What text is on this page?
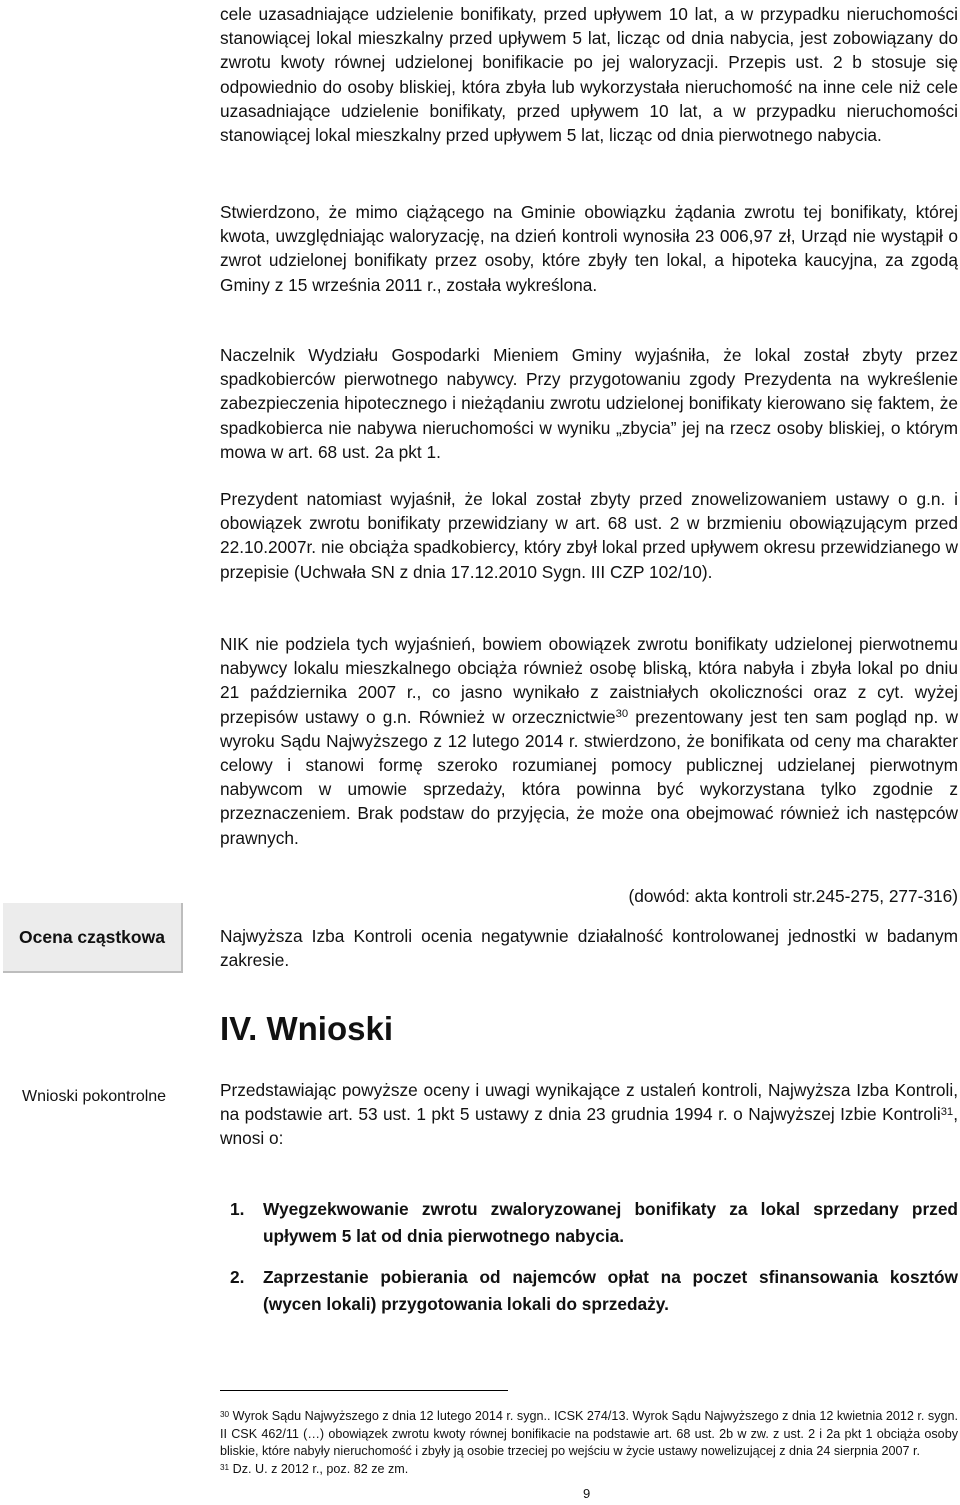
cele uzasadniające udzielenie bonifikaty, przed upływem 10 lat, a w przypadku nieruchomości stanowiącej lokal mieszkalny przed upływem 5 lat, licząc od dnia nabycia, jest zobowiązany do zwrotu kwoty równej udzielonej bonifikacie po jej waloryzacji. Przepis ust. 2 b stosuje się odpowiednio do osoby bliskiej, która zbyła lub wykorzystała nieruchomość na inne cele niż cele uzasadniające udzielenie bonifikaty, przed upływem 10 lat, a w przypadku nieruchomości stanowiącej lokal mieszkalny przed upływem 5 lat, licząc od dnia pierwotnego nabycia.

Stwierdzono, że mimo ciążącego na Gminie obowiązku żądania zwrotu tej bonifikaty, której kwota, uwzględniając waloryzację, na dzień kontroli wynosiła 23 006,97 zł, Urząd nie wystąpił o zwrot udzielonej bonifikaty przez osoby, które zbyły ten lokal, a hipoteka kaucyjna, za zgodą Gminy z 15 września 2011 r., została wykreślona.

Naczelnik Wydziału Gospodarki Mieniem Gminy wyjaśniła, że lokal został zbyty przez spadkobierców pierwotnego nabywcy. Przy przygotowaniu zgody Prezydenta na wykreślenie zabezpieczenia hipotecznego i nieżądaniu zwrotu udzielonej bonifikaty kierowano się faktem, że spadkobierca nie nabywa nieruchomości w wyniku „zbycia” jej na rzecz osoby bliskiej, o którym mowa w art. 68 ust. 2a pkt 1.

Prezydent natomiast wyjaśnił, że lokal został zbyty przed znowelizowaniem ustawy o g.n. i obowiązek zwrotu bonifikaty przewidziany w art. 68 ust. 2 w brzmieniu obowiązującym przed 22.10.2007r. nie obciąża spadkobiercy, który zbył lokal przed upływem okresu przewidzianego w przepisie (Uchwała SN z dnia 17.12.2010 Sygn. III CZP 102/10).

NIK nie podziela tych wyjaśnień, bowiem obowiązek zwrotu bonifikaty udzielonej pierwotnemu nabywcy lokalu mieszkalnego obciąża również osobę bliską, która nabyła i zbyła lokal po dniu 21 października 2007 r., co jasno wynikało z zaistniałych okoliczności oraz z cyt. wyżej przepisów ustawy o g.n. Również w orzecznictwie$^{30}$ prezentowany jest ten sam pogląd np. w wyroku Sądu Najwyższego z 12 lutego 2014 r. stwierdzono, że bonifikata od ceny ma charakter celowy i stanowi formę szeroko rozumianej pomocy publicznej udzielanej pierwotnym nabywcom w umowie sprzedaży, która powinna być wykorzystana tylko zgodnie z przeznaczeniem. Brak podstaw do przyjęcia, że może ona obejmować również ich następców prawnych.

(dowód: akta kontroli str.245-275, 277-316)

Ocena cząstkowa	Najwyższa Izba Kontroli ocenia negatywnie działalność kontrolowanej jednostki w badanym zakresie.

IV. Wnioski
Wnioski pokontrolne	Przedstawiając powyższe oceny i uwagi wynikające z ustaleń kontroli, Najwyższa Izba Kontroli, na podstawie art. 53 ust. 1 pkt 5 ustawy z dnia 23 grudnia 1994 r. o Najwyższej Izbie Kontroli$^{31}$, wnosi o:

1. Wyegzekwowanie zwrotu zwaloryzowanej bonifikaty za lokal sprzedany przed upływem 5 lat od dnia pierwotnego nabycia.
2. Zaprzestanie pobierania od najemców opłat na poczet sfinansowania kosztów (wycen lokali) przygotowania lokali do sprzedaży.

$^{30}$ Wyrok Sądu Najwyższego z dnia 12 lutego 2014 r. sygn.. ICSK 274/13. Wyrok Sądu Najwyższego z dnia 12 kwietnia 2012 r. sygn. II CSK 462/11 (…) obowiązek zwrotu kwoty równej bonifikacie na podstawie art. 68 ust. 2b w zw. z ust. 2 i 2a pkt 1 obciąża osoby bliskie, które nabyły nieruchomość i zbyły ją osobie trzeciej po wejściu w życie ustawy nowelizującej z dnia 24 sierpnia 2007 r.

$^{31}$ Dz. U. z 2012 r., poz. 82 ze zm.

9
